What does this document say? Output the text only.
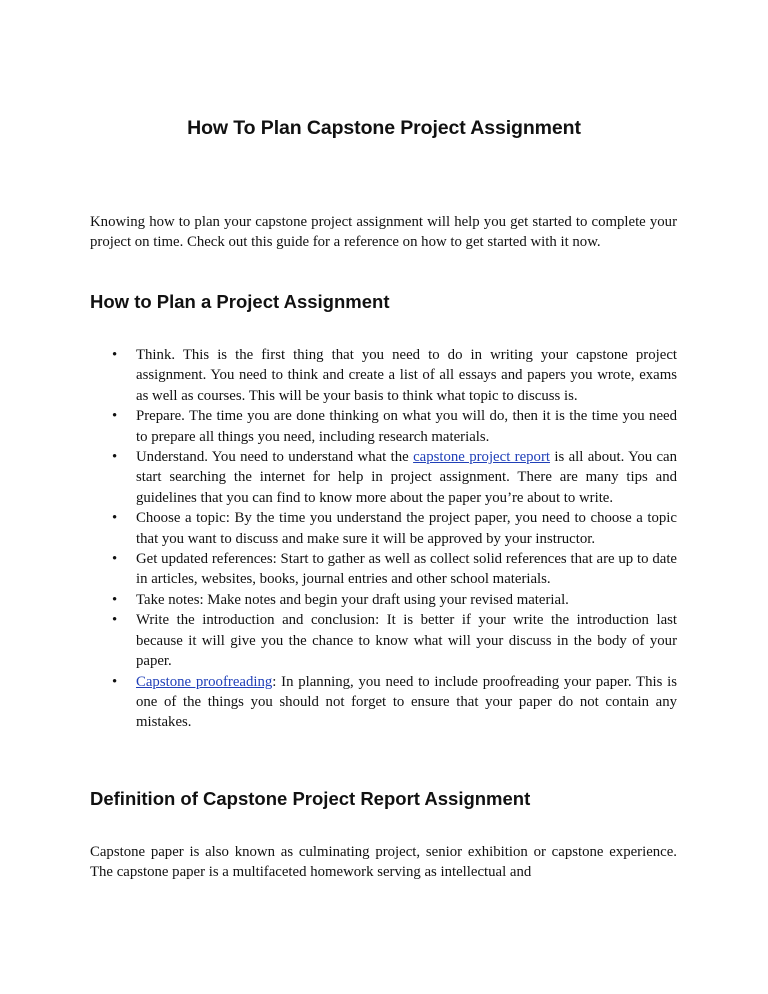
How To Plan Capstone Project Assignment

Knowing how to plan your capstone project assignment will help you get started to complete your project on time. Check out this guide for a reference on how to get started with it now.

How to Plan a Project Assignment
•	Think. This is the first thing that you need to do in writing your capstone project assignment. You need to think and create a list of all essays and papers you wrote, exams as well as courses. This will be your basis to think what topic to discuss is.
•	Prepare. The time you are done thinking on what you will do, then it is the time you need to prepare all things you need, including research materials.
•	Understand. You need to understand what the capstone project report is all about. You can start searching the internet for help in project assignment. There are many tips and guidelines that you can find to know more about the paper you’re about to write.
•	Choose a topic: By the time you understand the project paper, you need to choose a topic that you want to discuss and make sure it will be approved by your instructor.
•	Get updated references: Start to gather as well as collect solid references that are up to date in articles, websites, books, journal entries and other school materials.
•	Take notes: Make notes and begin your draft using your revised material.
•	Write the introduction and conclusion: It is better if your write the introduction last because it will give you the chance to know what will your discuss in the body of your paper.
•	Capstone proofreading: In planning, you need to include proofreading your paper. This is one of the things you should not forget to ensure that your paper do not contain any mistakes.
Definition of Capstone Project Report Assignment

Capstone paper is also known as culminating project, senior exhibition or capstone experience. The capstone paper is a multifaceted homework serving as intellectual and
